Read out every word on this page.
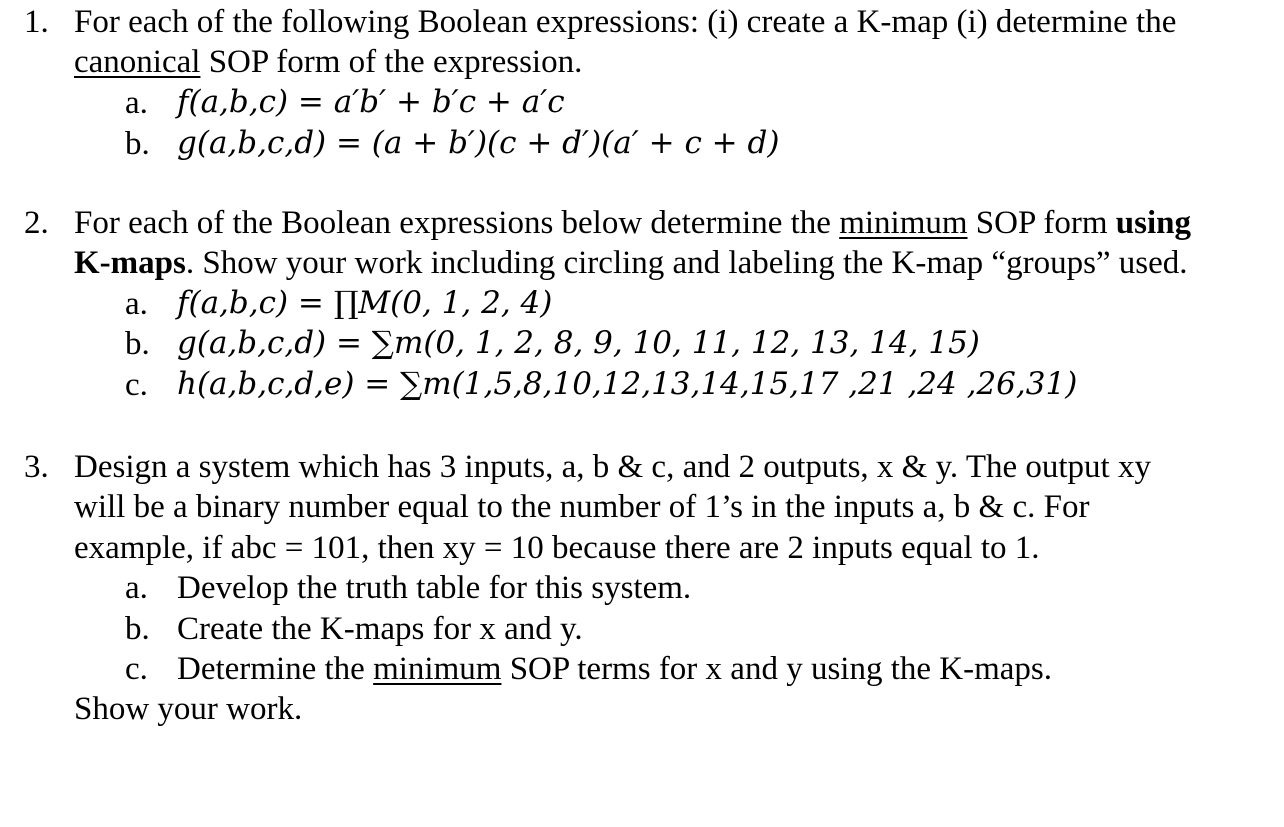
1. For each of the following Boolean expressions: (i) create a K-map (i) determine the
canonical SOP form of the expression.
a. f(a,b,c) = a′b′ + b′c + a′c
b. g(a,b,c,d) = (a + b′)(c + d′)(a′ + c + d)
2. For each of the Boolean expressions below determine the minimum SOP form using
K-maps. Show your work including circling and labeling the K-map “groups” used.
a. f(a,b,c) = ∏M(0, 1, 2, 4)
b. g(a,b,c,d) = ∑m(0, 1, 2, 8, 9, 10, 11, 12, 13, 14, 15)
c. h(a,b,c,d,e) = ∑m(1,5,8,10,12,13,14,15,17 ,21 ,24 ,26,31)
3. Design a system which has 3 inputs, a, b & c, and 2 outputs, x & y. The output xy
will be a binary number equal to the number of 1’s in the inputs a, b & c. For
example, if abc = 101, then xy = 10 because there are 2 inputs equal to 1.
a. Develop the truth table for this system.
b. Create the K-maps for x and y.
c. Determine the minimum SOP terms for x and y using the K-maps.
Show your work.
